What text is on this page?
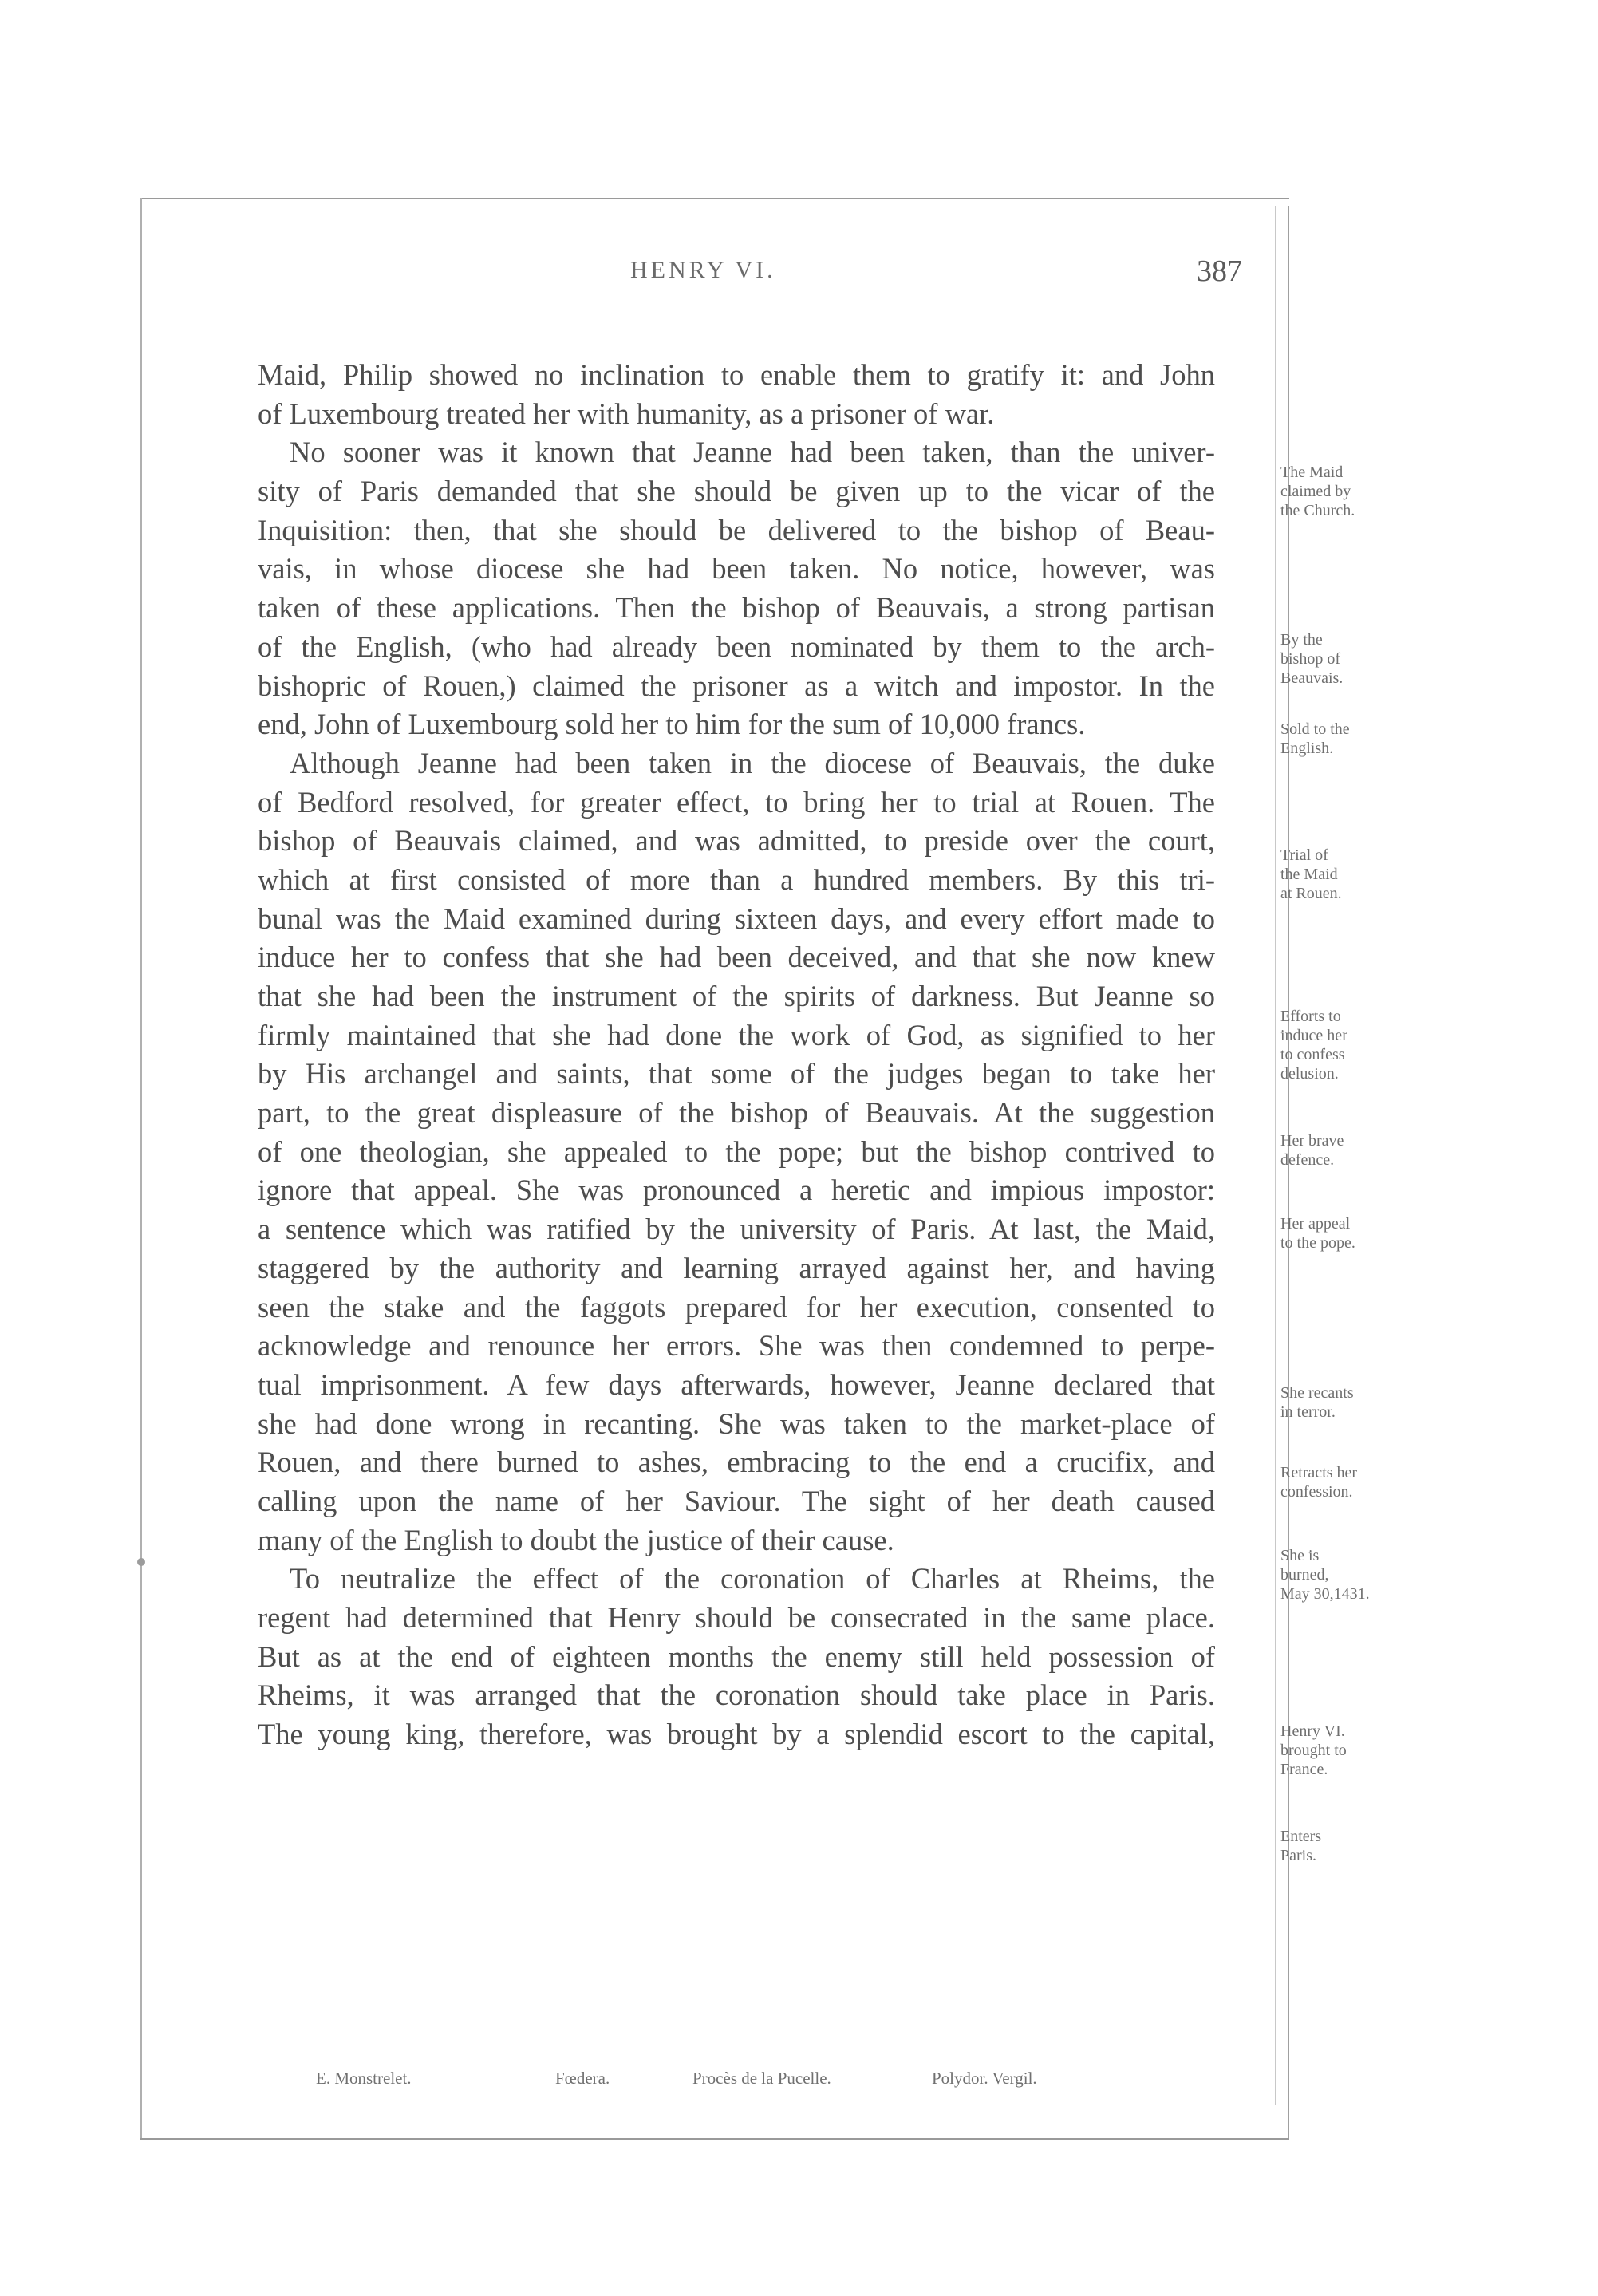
HENRY VI.	387
Maid, Philip showed no inclination to enable them to gratify it: and John
of Luxembourg treated her with humanity, as a prisoner of war.
No sooner was it known that Jeanne had been taken, than the univer-
sity of Paris demanded that she should be given up to the vicar of the
Inquisition: then, that she should be delivered to the bishop of Beau-
vais, in whose diocese she had been taken. No notice, however, was
taken of these applications. Then the bishop of Beauvais, a strong partisan
of the English, (who had already been nominated by them to the arch-
bishopric of Rouen,) claimed the prisoner as a witch and impostor. In the
end, John of Luxembourg sold her to him for the sum of 10,000 francs.
Although Jeanne had been taken in the diocese of Beauvais, the duke
of Bedford resolved, for greater effect, to bring her to trial at Rouen. The
bishop of Beauvais claimed, and was admitted, to preside over the court,
which at first consisted of more than a hundred members. By this tri-
bunal was the Maid examined during sixteen days, and every effort made to
induce her to confess that she had been deceived, and that she now knew
that she had been the instrument of the spirits of darkness. But Jeanne so
firmly maintained that she had done the work of God, as signified to her
by His archangel and saints, that some of the judges began to take her
part, to the great displeasure of the bishop of Beauvais. At the suggestion
of one theologian, she appealed to the pope; but the bishop contrived to
ignore that appeal. She was pronounced a heretic and impious impostor:
a sentence which was ratified by the university of Paris. At last, the Maid,
staggered by the authority and learning arrayed against her, and having
seen the stake and the faggots prepared for her execution, consented to
acknowledge and renounce her errors. She was then condemned to perpe-
tual imprisonment. A few days afterwards, however, Jeanne declared that
she had done wrong in recanting. She was taken to the market-place of
Rouen, and there burned to ashes, embracing to the end a crucifix, and
calling upon the name of her Saviour. The sight of her death caused
many of the English to doubt the justice of their cause.
To neutralize the effect of the coronation of Charles at Rheims, the
regent had determined that Henry should be consecrated in the same place.
But as at the end of eighteen months the enemy still held possession of
Rheims, it was arranged that the coronation should take place in Paris.
The young king, therefore, was brought by a splendid escort to the capital,
The Maid
claimed by
the Church.
By the
bishop of
Beauvais.
Sold to the
English.
Trial of
the Maid
at Rouen.
Efforts to
induce her
to confess
delusion.
Her brave
defence.
Her appeal
to the pope.
She recants
in terror.
Retracts her
confession.
She is
burned,
May 30,1431.
Henry VI.
brought to
France.
Enters
Paris.
E. Monstrelet.	Fœdera.	Procès de la Pucelle.	Polydor. Vergil.
